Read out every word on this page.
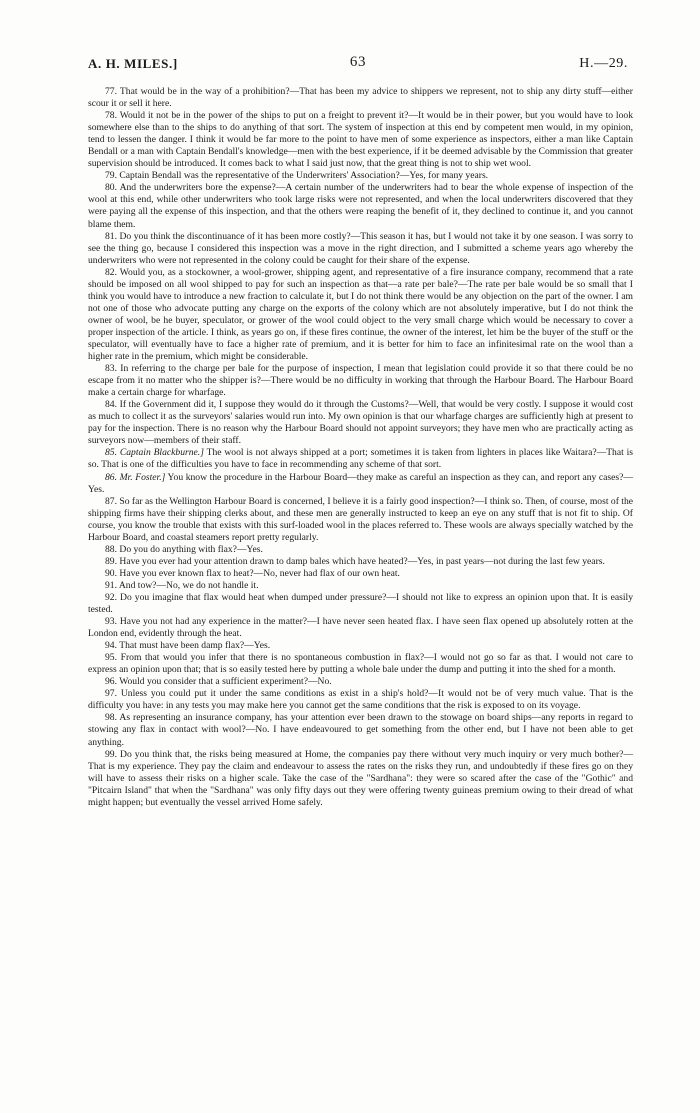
A. H. MILES.]	63	H.—29.

77. That would be in the way of a prohibition?—That has been my advice to shippers we represent, not to ship any dirty stuff—either scour it or sell it here.

78. Would it not be in the power of the ships to put on a freight to prevent it?—It would be in their power, but you would have to look somewhere else than to the ships to do anything of that sort. The system of inspection at this end by competent men would, in my opinion, tend to lessen the danger. I think it would be far more to the point to have men of some experience as inspectors, either a man like Captain Bendall or a man with Captain Bendall's knowledge—men with the best experience, if it be deemed advisable by the Commission that greater supervision should be introduced. It comes back to what I said just now, that the great thing is not to ship wet wool.

79. Captain Bendall was the representative of the Underwriters' Association?—Yes, for many years.

80. And the underwriters bore the expense?—A certain number of the underwriters had to bear the whole expense of inspection of the wool at this end, while other underwriters who took large risks were not represented, and when the local underwriters discovered that they were paying all the expense of this inspection, and that the others were reaping the benefit of it, they declined to continue it, and you cannot blame them.

81. Do you think the discontinuance of it has been more costly?—This season it has, but I would not take it by one season. I was sorry to see the thing go, because I considered this inspection was a move in the right direction, and I submitted a scheme years ago whereby the underwriters who were not represented in the colony could be caught for their share of the expense.

82. Would you, as a stockowner, a wool-grower, shipping agent, and representative of a fire insurance company, recommend that a rate should be imposed on all wool shipped to pay for such an inspection as that—a rate per bale?—The rate per bale would be so small that I think you would have to introduce a new fraction to calculate it, but I do not think there would be any objection on the part of the owner. I am not one of those who advocate putting any charge on the exports of the colony which are not absolutely imperative, but I do not think the owner of wool, be he buyer, speculator, or grower of the wool could object to the very small charge which would be necessary to cover a proper inspection of the article. I think, as years go on, if these fires continue, the owner of the interest, let him be the buyer of the stuff or the speculator, will eventually have to face a higher rate of premium, and it is better for him to face an infinitesimal rate on the wool than a higher rate in the premium, which might be considerable.

83. In referring to the charge per bale for the purpose of inspection, I mean that legislation could provide it so that there could be no escape from it no matter who the shipper is?—There would be no difficulty in working that through the Harbour Board. The Harbour Board make a certain charge for wharfage.

84. If the Government did it, I suppose they would do it through the Customs?—Well, that would be very costly. I suppose it would cost as much to collect it as the surveyors' salaries would run into. My own opinion is that our wharfage charges are sufficiently high at present to pay for the inspection. There is no reason why the Harbour Board should not appoint surveyors; they have men who are practically acting as surveyors now—members of their staff.

85. Captain Blackburne.] The wool is not always shipped at a port; sometimes it is taken from lighters in places like Waitara?—That is so. That is one of the difficulties you have to face in recommending any scheme of that sort.

86. Mr. Foster.] You know the procedure in the Harbour Board—they make as careful an inspection as they can, and report any cases?—Yes.

87. So far as the Wellington Harbour Board is concerned, I believe it is a fairly good inspection?—I think so. Then, of course, most of the shipping firms have their shipping clerks about, and these men are generally instructed to keep an eye on any stuff that is not fit to ship. Of course, you know the trouble that exists with this surf-loaded wool in the places referred to. These wools are always specially watched by the Harbour Board, and coastal steamers report pretty regularly.

88. Do you do anything with flax?—Yes.

89. Have you ever had your attention drawn to damp bales which have heated?—Yes, in past years—not during the last few years.

90. Have you ever known flax to heat?—No, never had flax of our own heat.

91. And tow?—No, we do not handle it.

92. Do you imagine that flax would heat when dumped under pressure?—I should not like to express an opinion upon that. It is easily tested.

93. Have you not had any experience in the matter?—I have never seen heated flax. I have seen flax opened up absolutely rotten at the London end, evidently through the heat.

94. That must have been damp flax?—Yes.

95. From that would you infer that there is no spontaneous combustion in flax?—I would not go so far as that. I would not care to express an opinion upon that; that is so easily tested here by putting a whole bale under the dump and putting it into the shed for a month.

96. Would you consider that a sufficient experiment?—No.

97. Unless you could put it under the same conditions as exist in a ship's hold?—It would not be of very much value. That is the difficulty you have: in any tests you may make here you cannot get the same conditions that the risk is exposed to on its voyage.

98. As representing an insurance company, has your attention ever been drawn to the stowage on board ships—any reports in regard to stowing any flax in contact with wool?—No. I have endeavoured to get something from the other end, but I have not been able to get anything.

99. Do you think that, the risks being measured at Home, the companies pay there without very much inquiry or very much bother?—That is my experience. They pay the claim and endeavour to assess the rates on the risks they run, and undoubtedly if these fires go on they will have to assess their risks on a higher scale. Take the case of the "Sardhana": they were so scared after the case of the "Gothic" and "Pitcairn Island" that when the "Sardhana" was only fifty days out they were offering twenty guineas premium owing to their dread of what might happen; but eventually the vessel arrived Home safely.
